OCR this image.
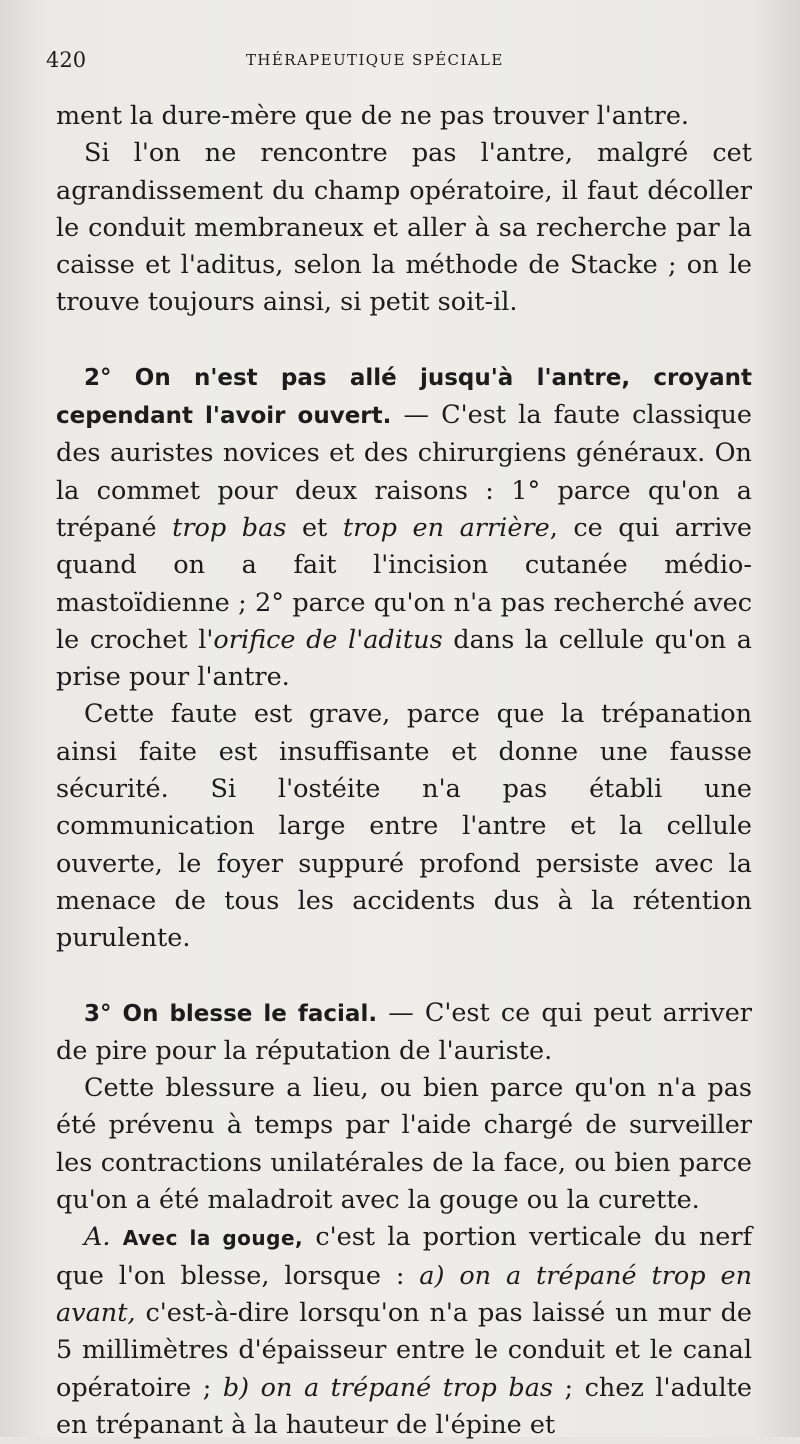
420	THÉRAPEUTIQUE SPÉCIALE

ment la dure-mère que de ne pas trouver l'antre.

Si l'on ne rencontre pas l'antre, malgré cet agrandissement du champ opératoire, il faut décoller le conduit membraneux et aller à sa recherche par la caisse et l'aditus, selon la méthode de Stacke ; on le trouve toujours ainsi, si petit soit-il.

2° On n'est pas allé jusqu'à l'antre, croyant cependant l'avoir ouvert. — C'est la faute classique des auristes novices et des chirurgiens généraux. On la commet pour deux raisons : 1° parce qu'on a trépané trop bas et trop en arrière, ce qui arrive quand on a fait l'incision cutanée médio-mastoïdienne ; 2° parce qu'on n'a pas recherché avec le crochet l'orifice de l'aditus dans la cellule qu'on a prise pour l'antre.

Cette faute est grave, parce que la trépanation ainsi faite est insuffisante et donne une fausse sécurité. Si l'ostéite n'a pas établi une communication large entre l'antre et la cellule ouverte, le foyer suppuré profond persiste avec la menace de tous les accidents dus à la rétention purulente.

3° On blesse le facial. — C'est ce qui peut arriver de pire pour la réputation de l'auriste.

Cette blessure a lieu, ou bien parce qu'on n'a pas été prévenu à temps par l'aide chargé de surveiller les contractions unilatérales de la face, ou bien parce qu'on a été maladroit avec la gouge ou la curette.

A. Avec la gouge, c'est la portion verticale du nerf que l'on blesse, lorsque : a) on a trépané trop en avant, c'est-à-dire lorsqu'on n'a pas laissé un mur de 5 millimètres d'épaisseur entre le conduit et le canal opératoire ; b) on a trépané trop bas ; chez l'adulte en trépanant à la hauteur de l'épine et
